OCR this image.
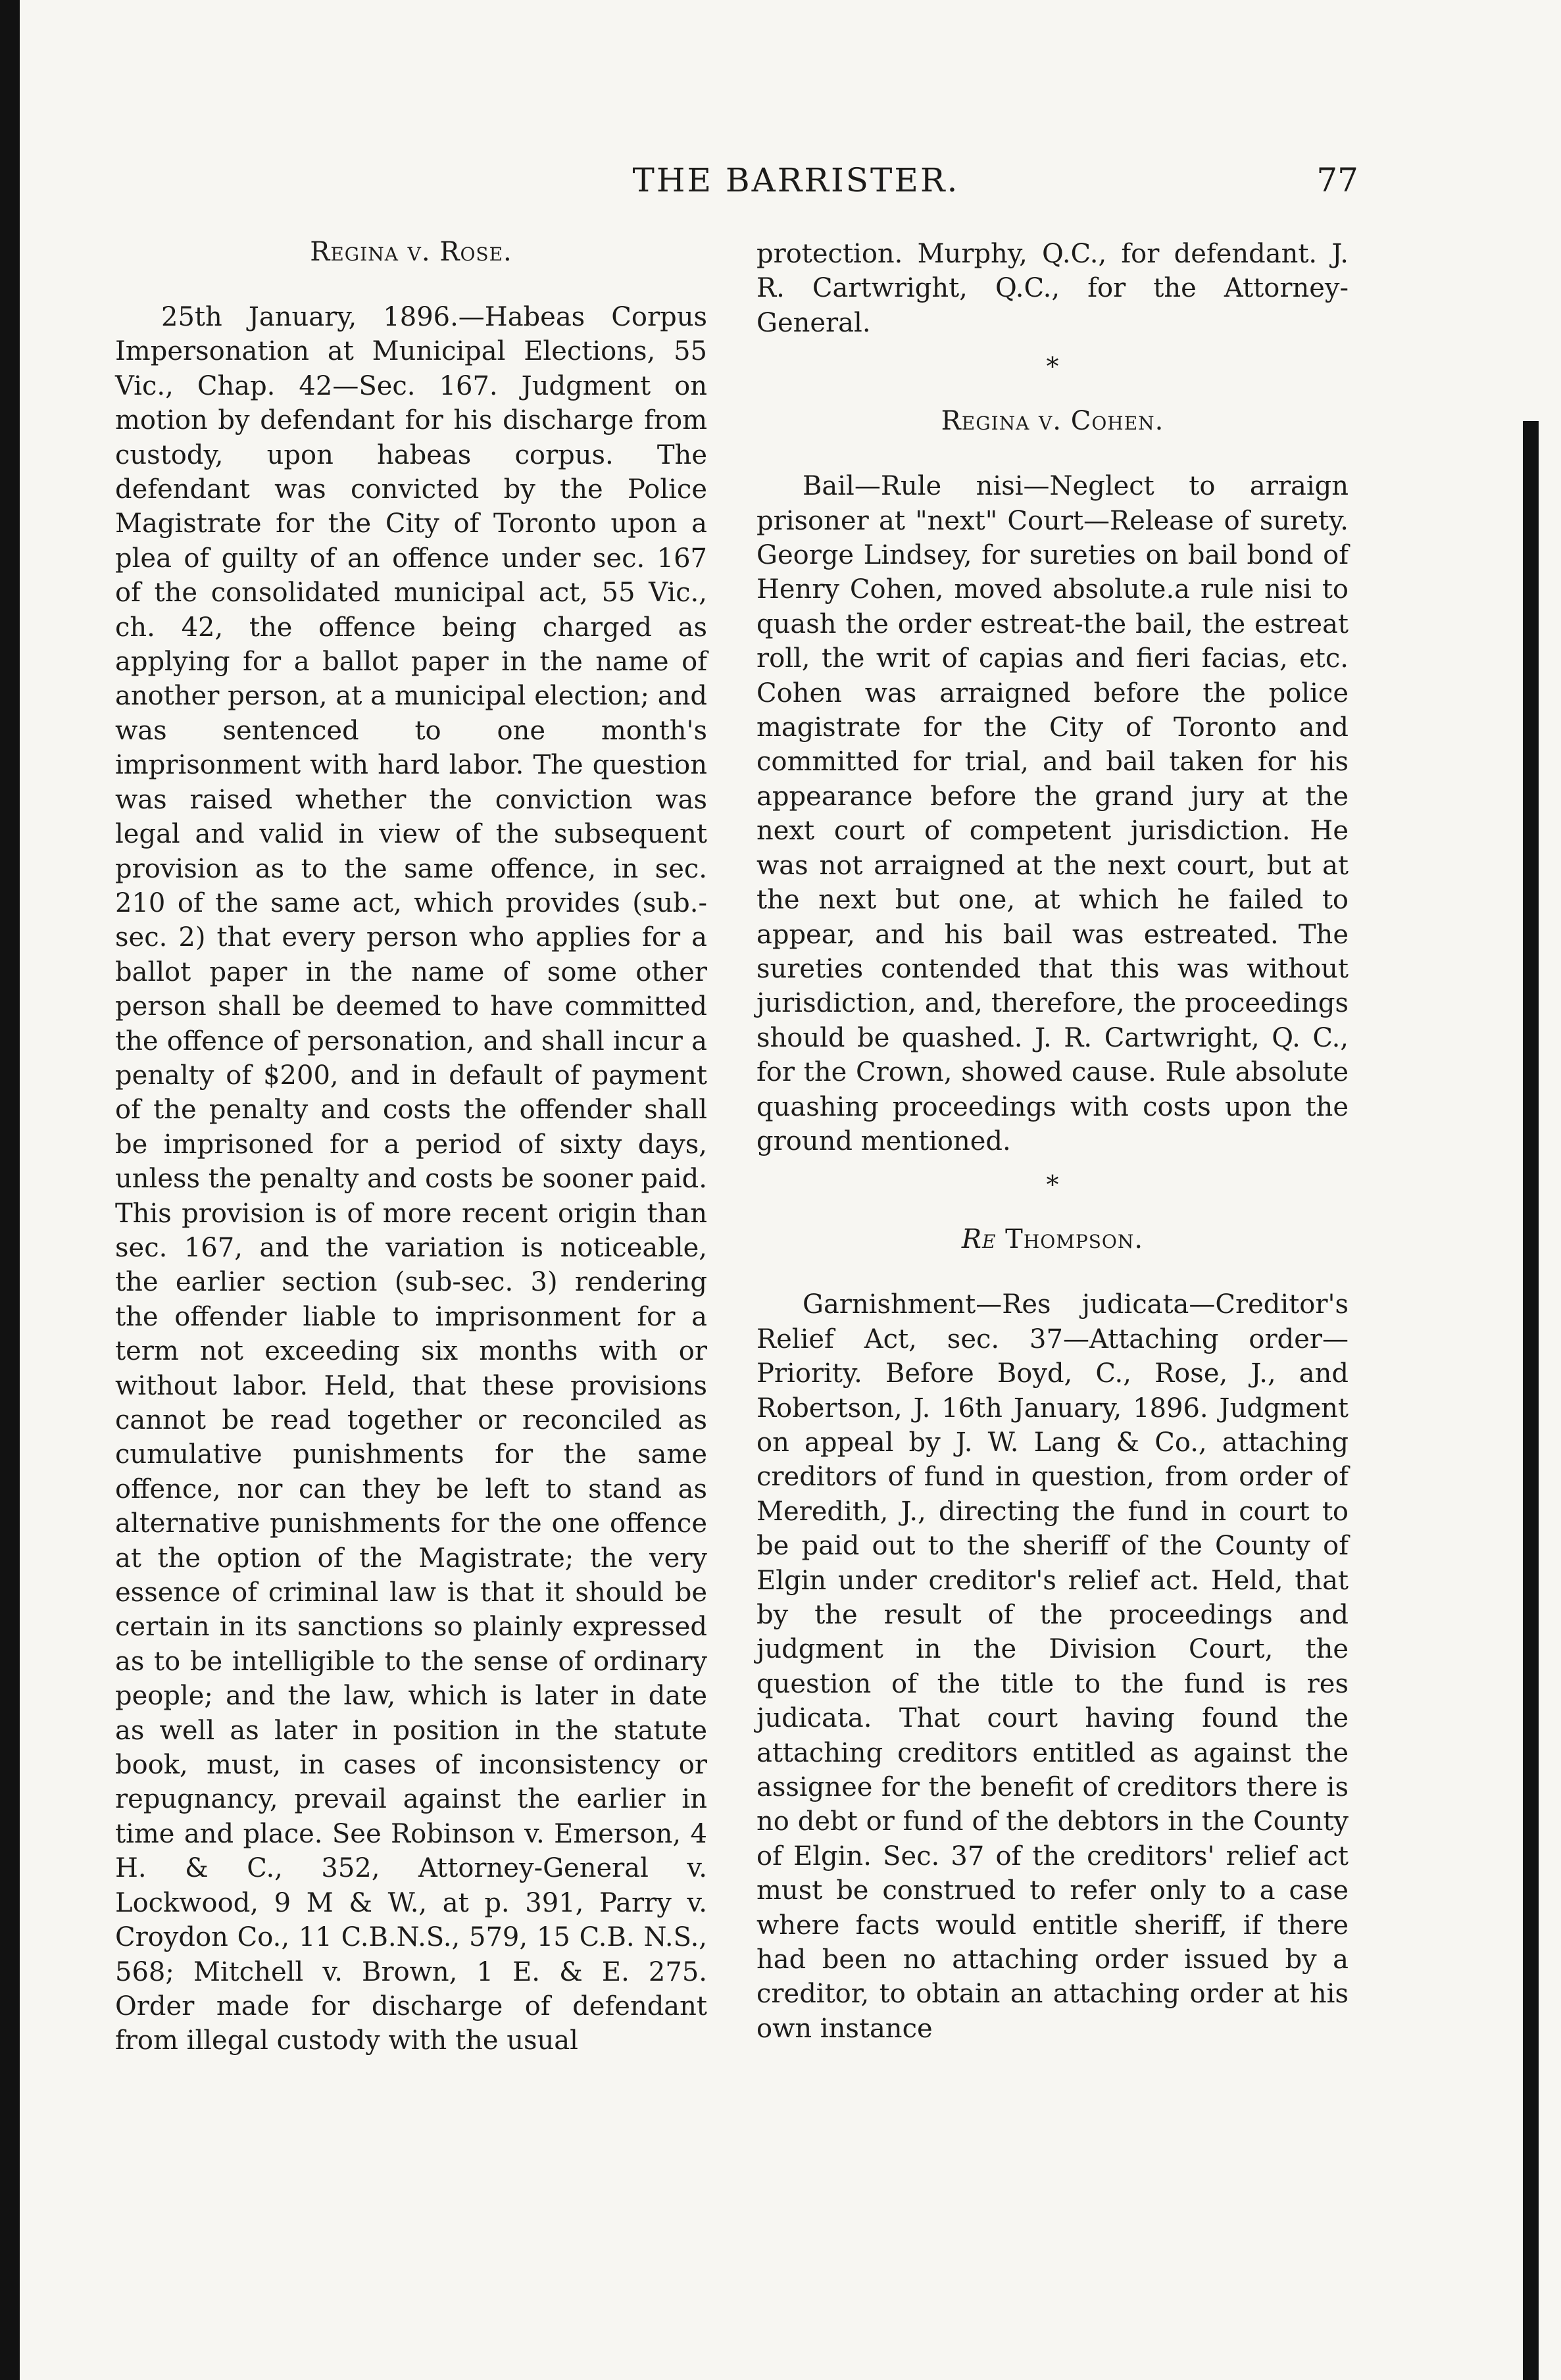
THE BARRISTER.	77
Regina v. Rose.

25th January, 1896.—Habeas Corpus Impersonation at Municipal Elections, 55 Vic., Chap. 42—Sec. 167. Judgment on motion by defendant for his discharge from custody, upon habeas corpus. The defendant was convicted by the Police Magistrate for the City of Toronto upon a plea of guilty of an offence under sec. 167 of the consolidated municipal act, 55 Vic., ch. 42, the offence being charged as applying for a ballot paper in the name of another person, at a municipal election; and was sentenced to one month's imprisonment with hard labor. The question was raised whether the conviction was legal and valid in view of the subsequent provision as to the same offence, in sec. 210 of the same act, which provides (sub.-sec. 2) that every person who applies for a ballot paper in the name of some other person shall be deemed to have committed the offence of personation, and shall incur a penalty of $200, and in default of payment of the penalty and costs the offender shall be imprisoned for a period of sixty days, unless the penalty and costs be sooner paid. This provision is of more recent origin than sec. 167, and the variation is noticeable, the earlier section (sub-sec. 3) rendering the offender liable to imprisonment for a term not exceeding six months with or without labor. Held, that these provisions cannot be read together or reconciled as cumulative punishments for the same offence, nor can they be left to stand as alternative punishments for the one offence at the option of the Magistrate; the very essence of criminal law is that it should be certain in its sanctions so plainly expressed as to be intelligible to the sense of ordinary people; and the law, which is later in date as well as later in position in the statute book, must, in cases of inconsistency or repugnancy, prevail against the earlier in time and place. See Robinson v. Emerson, 4 H. & C., 352, Attorney-General v. Lockwood, 9 M & W., at p. 391, Parry v. Croydon Co., 11 C.B.N.S., 579, 15 C.B. N.S., 568; Mitchell v. Brown, 1 E. & E. 275. Order made for discharge of defendant from illegal custody with the usual

protection. Murphy, Q.C., for defendant. J. R. Cartwright, Q.C., for the Attorney-General.

*
Regina v. Cohen.

Bail—Rule nisi—Neglect to arraign prisoner at "next" Court—Release of surety. George Lindsey, for sureties on bail bond of Henry Cohen, moved absolute.a rule nisi to quash the order estreat-the bail, the estreat roll, the writ of capias and fieri facias, etc. Cohen was arraigned before the police magistrate for the City of Toronto and committed for trial, and bail taken for his appearance before the grand jury at the next court of competent jurisdiction. He was not arraigned at the next court, but at the next but one, at which he failed to appear, and his bail was estreated. The sureties contended that this was without jurisdiction, and, therefore, the proceedings should be quashed. J. R. Cartwright, Q. C., for the Crown, showed cause. Rule absolute quashing proceedings with costs upon the ground mentioned.

*
Re Thompson.

Garnishment—Res judicata—Creditor's Relief Act, sec. 37—Attaching order—Priority. Before Boyd, C., Rose, J., and Robertson, J. 16th January, 1896. Judgment on appeal by J. W. Lang & Co., attaching creditors of fund in question, from order of Meredith, J., directing the fund in court to be paid out to the sheriff of the County of Elgin under creditor's relief act. Held, that by the result of the proceedings and judgment in the Division Court, the question of the title to the fund is res judicata. That court having found the attaching creditors entitled as against the assignee for the benefit of creditors there is no debt or fund of the debtors in the County of Elgin. Sec. 37 of the creditors' relief act must be construed to refer only to a case where facts would entitle sheriff, if there had been no attaching order issued by a creditor, to obtain an attaching order at his own instance
